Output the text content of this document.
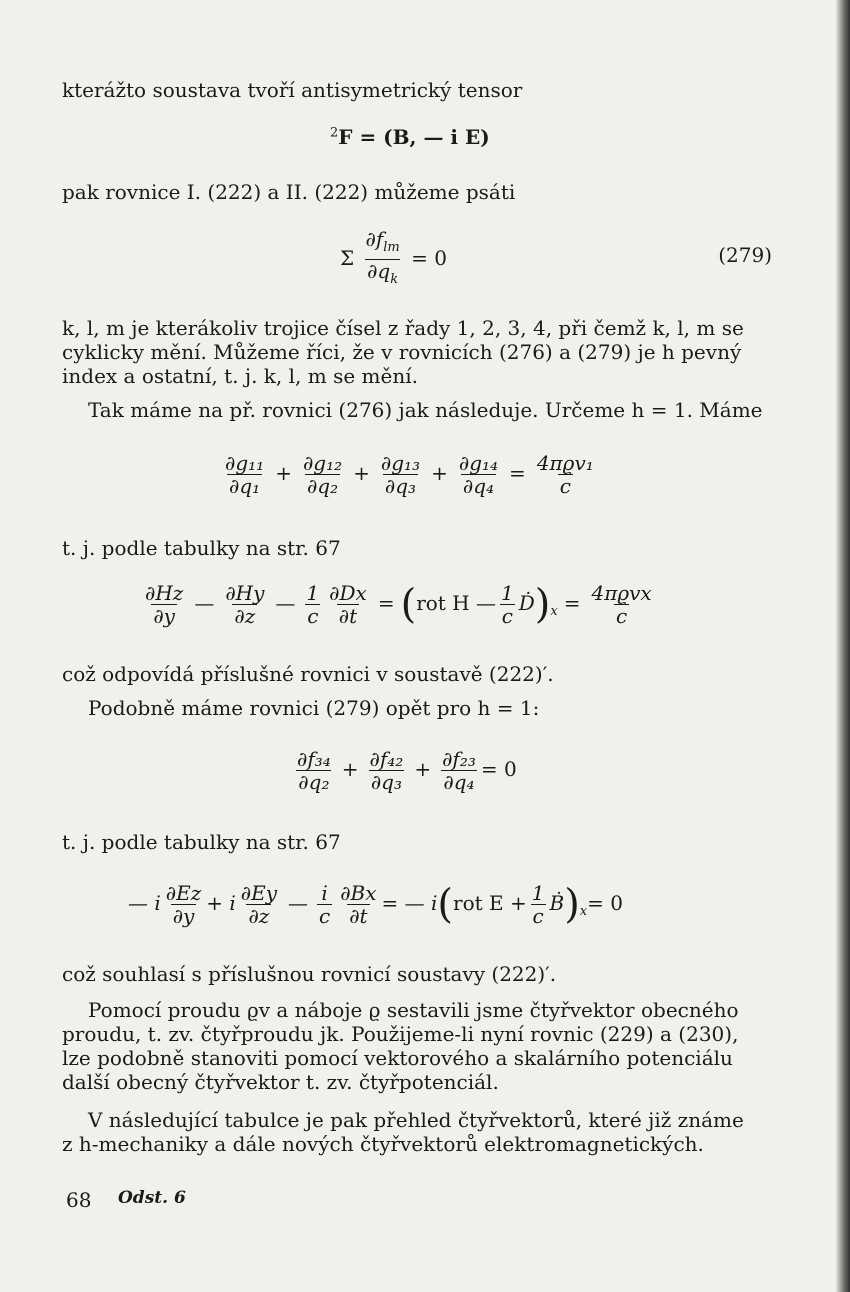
kterážto soustava tvoří antisymetrický tensor
$^2$F = (B, — i E)
pak rovnice I. (222) a II. (222) můžeme psáti
Σ $\frac{\partial f_{lm}}{\partial q_k} = 0$	(279)
k, l, m je kterákoliv trojice čísel z řady 1, 2, 3, 4, při čemž k, l, m se
cyklicky mění. Můžeme říci, že v rovnicích (276) a (279) je h pevný
index a ostatní, t. j. k, l, m se mění.
Tak máme na př. rovnici (276) jak následuje. Určeme h = 1. Máme
$\frac{\text{∂g₁₁}}{\text{∂q₁}} + \frac{\text{∂g₁₂}}{\text{∂q₂}} + \frac{\text{∂g₁₃}}{\text{∂q₃}} + \frac{\text{∂g₁₄}}{\text{∂q₄}} = \frac{\text{4πϱv₁}}{c}$
t. j. podle tabulky na str. 67
$\frac{\partial Hz}{\partial y}$ — $\frac{\partial Hy}{\partial z}$ — $\frac{1}{c} \frac{\partial Dx}{\partial t} = (rot$ H — $\frac{1}{c}$ $Ḋ)_x = \frac{\text{4πϱvx}}{c}$
což odpovídá příslušné rovnici v soustavě (222)′.
Podobně máme rovnici (279) opět pro h = 1:
$\frac{\text{∂f₃₄}}{\text{∂q₂}} + \frac{\text{∂f₄₂}}{\text{∂q₃}} + \frac{\text{∂f₂₃}}{\text{∂q₄}} = 0$
t. j. podle tabulky na str. 67
— i $\frac{\partial Ez}{\partial y} + i \frac{\partial Ey}{\partial z}$ — $\frac{i}{c} \frac{\partial Bx}{\partial t}$ = — i(rot $E + \frac{1}{c}$ $Ḃ)_x= 0$
což souhlasí s příslušnou rovnicí soustavy (222)′.
Pomocí proudu ϱv a náboje ϱ sestavili jsme čtyřvektor obecného
proudu, t. zv. čtyřproudu jk. Použijeme-li nyní rovnic (229) a (230),
lze podobně stanoviti pomocí vektorového a skalárního potenciálu
další obecný čtyřvektor t. zv. čtyřpotenciál.
V následující tabulce je pak přehled čtyřvektorů, které již známe
z h-mechaniky a dále nových čtyřvektorů elektromagnetických.
68 Odst. 6
